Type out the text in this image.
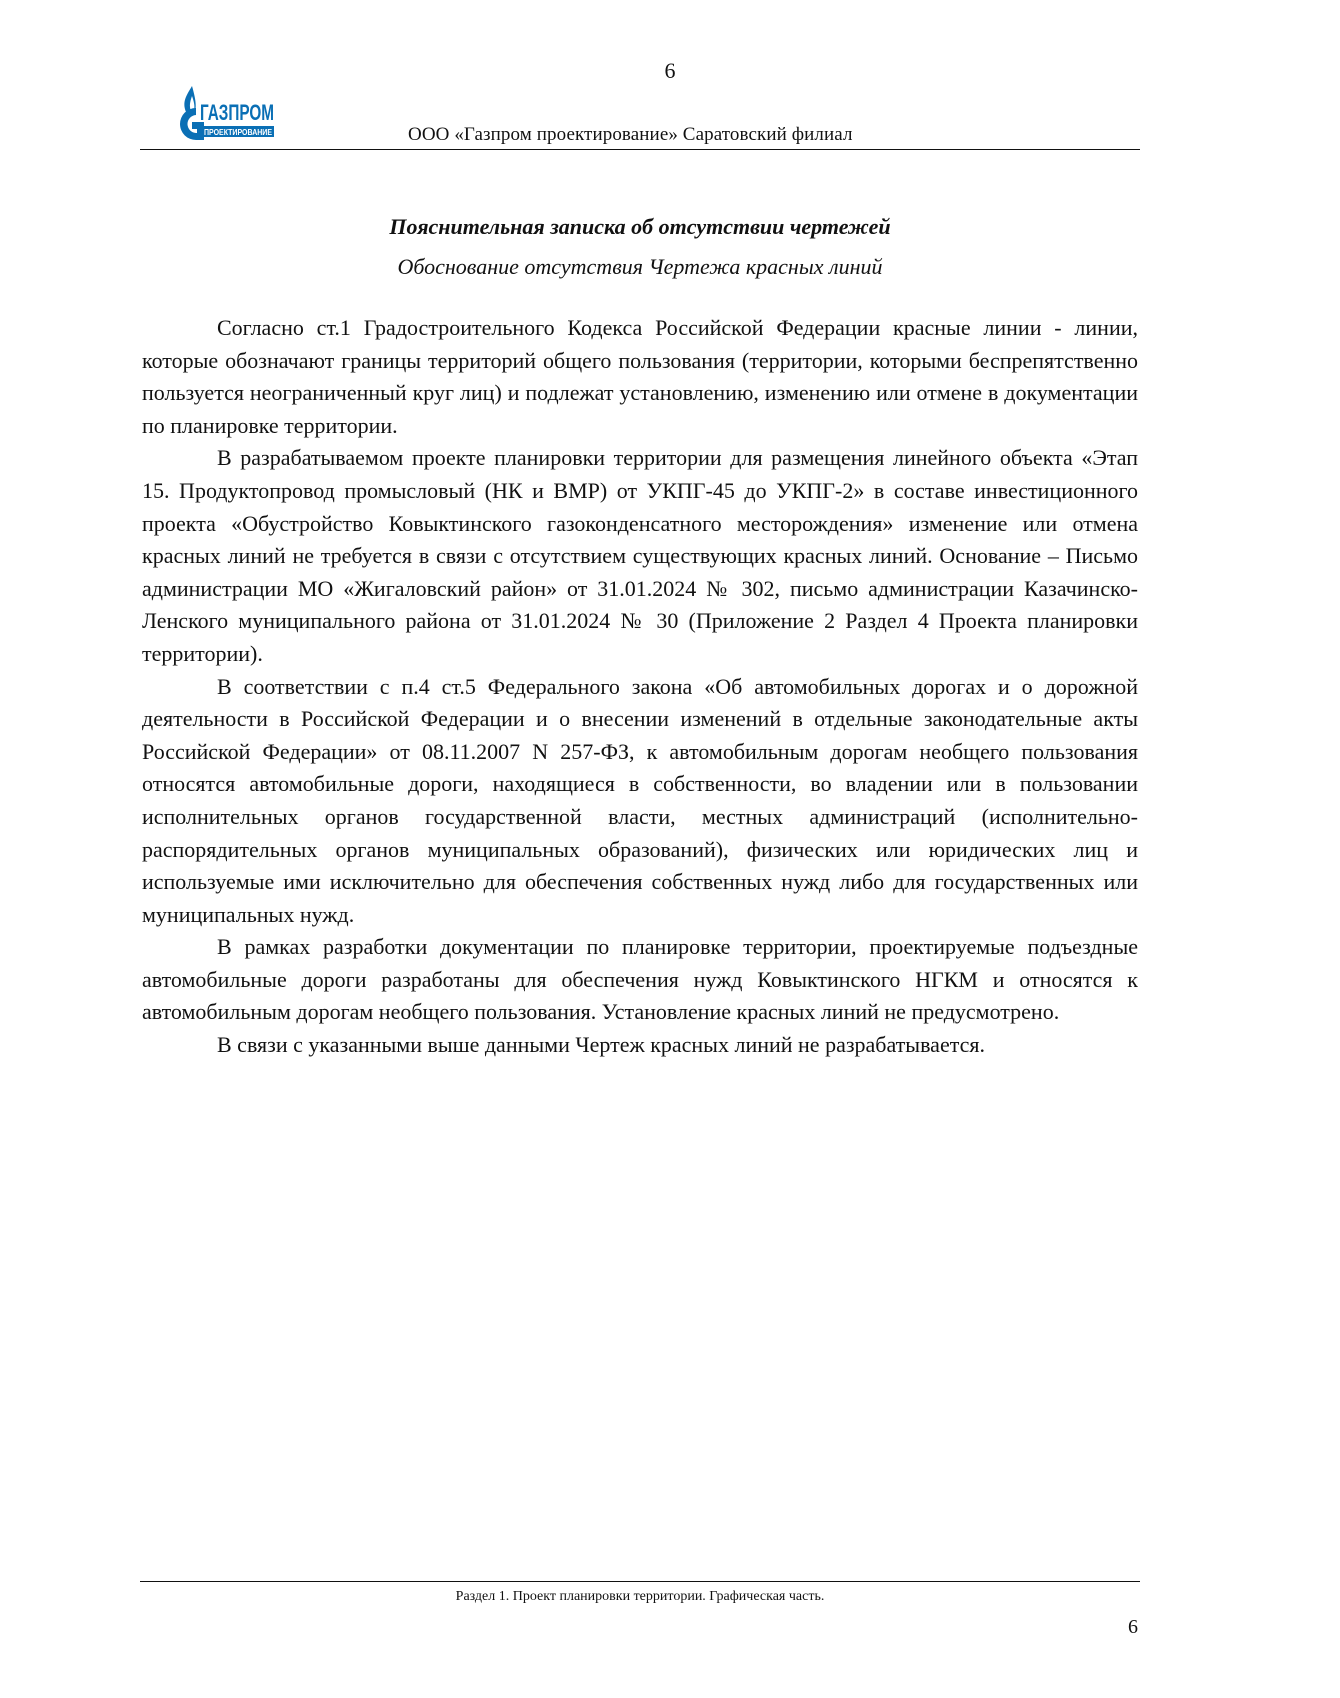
6
ГАЗПРОМ
ПРОЕКТИРОВАНИЕ	ООО «Газпром проектирование» Саратовский филиал
Пояснительная записка об отсутствии чертежей
Обоснование отсутствия Чертежа красных линий

Согласно ст.1 Градостроительного Кодекса Российской Федерации красные линии - линии, которые обозначают границы территорий общего пользования (территории, которыми беспрепятственно пользуется неограниченный круг лиц) и подлежат установлению, изменению или отмене в документации по планировке территории.

В разрабатываемом проекте планировки территории для размещения линейного объекта «Этап 15. Продуктопровод промысловый (НК и ВМР) от УКПГ-45 до УКПГ-2» в составе инвестиционного проекта «Обустройство Ковыктинского газоконденсатного месторождения» изменение или отмена красных линий не требуется в связи с отсутствием существующих красных линий. Основание – Письмо администрации МО «Жигаловский район» от 31.01.2024 № 302, письмо администрации Казачинско-Ленского муниципального района от 31.01.2024 № 30 (Приложение 2 Раздел 4 Проекта планировки территории).

В соответствии с п.4 ст.5 Федерального закона «Об автомобильных дорогах и о дорожной деятельности в Российской Федерации и о внесении изменений в отдельные законодательные акты Российской Федерации» от 08.11.2007 N 257-ФЗ, к автомобильным дорогам необщего пользования относятся автомобильные дороги, находящиеся в собственности, во владении или в пользовании исполнительных органов государственной власти, местных администраций (исполнительно-распорядительных органов муниципальных образований), физических или юридических лиц и используемые ими исключительно для обеспечения собственных нужд либо для государственных или муниципальных нужд.

В рамках разработки документации по планировке территории, проектируемые подъездные автомобильные дороги разработаны для обеспечения нужд Ковыктинского НГКМ и относятся к автомобильным дорогам необщего пользования. Установление красных линий не предусмотрено.

В связи с указанными выше данными Чертеж красных линий не разрабатывается.

Раздел 1. Проект планировки территории. Графическая часть.
6
